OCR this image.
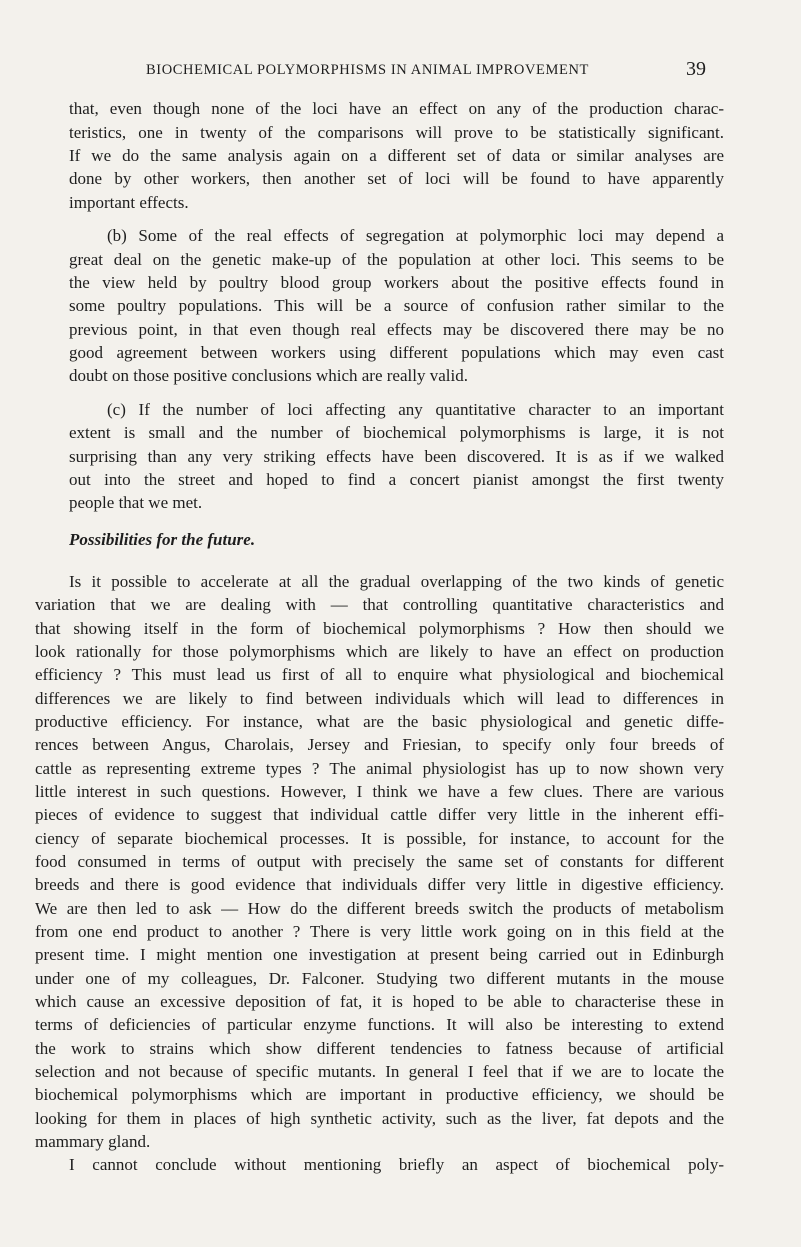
BIOCHEMICAL POLYMORPHISMS IN ANIMAL IMPROVEMENT	39
that, even though none of the loci have an effect on any of the production charac-
teristics, one in twenty of the comparisons will prove to be statistically significant.
If we do the same analysis again on a different set of data or similar analyses are
done by other workers, then another set of loci will be found to have apparently
important effects.
(b) Some of the real effects of segregation at polymorphic loci may depend a
great deal on the genetic make-up of the population at other loci. This seems to be
the view held by poultry blood group workers about the positive effects found in
some poultry populations. This will be a source of confusion rather similar to the
previous point, in that even though real effects may be discovered there may be no
good agreement between workers using different populations which may even cast
doubt on those positive conclusions which are really valid.
(c) If the number of loci affecting any quantitative character to an important
extent is small and the number of biochemical polymorphisms is large, it is not
surprising than any very striking effects have been discovered. It is as if we walked
out into the street and hoped to find a concert pianist amongst the first twenty
people that we met.
Possibilities for the future.
Is it possible to accelerate at all the gradual overlapping of the two kinds of genetic
variation that we are dealing with — that controlling quantitative characteristics and
that showing itself in the form of biochemical polymorphisms ? How then should we
look rationally for those polymorphisms which are likely to have an effect on production
efficiency ? This must lead us first of all to enquire what physiological and biochemical
differences we are likely to find between individuals which will lead to differences in
productive efficiency. For instance, what are the basic physiological and genetic diffe-
rences between Angus, Charolais, Jersey and Friesian, to specify only four breeds of
cattle as representing extreme types ? The animal physiologist has up to now shown very
little interest in such questions. However, I think we have a few clues. There are various
pieces of evidence to suggest that individual cattle differ very little in the inherent effi-
ciency of separate biochemical processes. It is possible, for instance, to account for the
food consumed in terms of output with precisely the same set of constants for different
breeds and there is good evidence that individuals differ very little in digestive efficiency.
We are then led to ask — How do the different breeds switch the products of metabolism
from one end product to another ? There is very little work going on in this field at the
present time. I might mention one investigation at present being carried out in Edinburgh
under one of my colleagues, Dr. Falconer. Studying two different mutants in the mouse
which cause an excessive deposition of fat, it is hoped to be able to characterise these in
terms of deficiencies of particular enzyme functions. It will also be interesting to extend
the work to strains which show different tendencies to fatness because of artificial
selection and not because of specific mutants. In general I feel that if we are to locate the
biochemical polymorphisms which are important in productive efficiency, we should be
looking for them in places of high synthetic activity, such as the liver, fat depots and the
mammary gland.
I cannot conclude without mentioning briefly an aspect of biochemical poly-
